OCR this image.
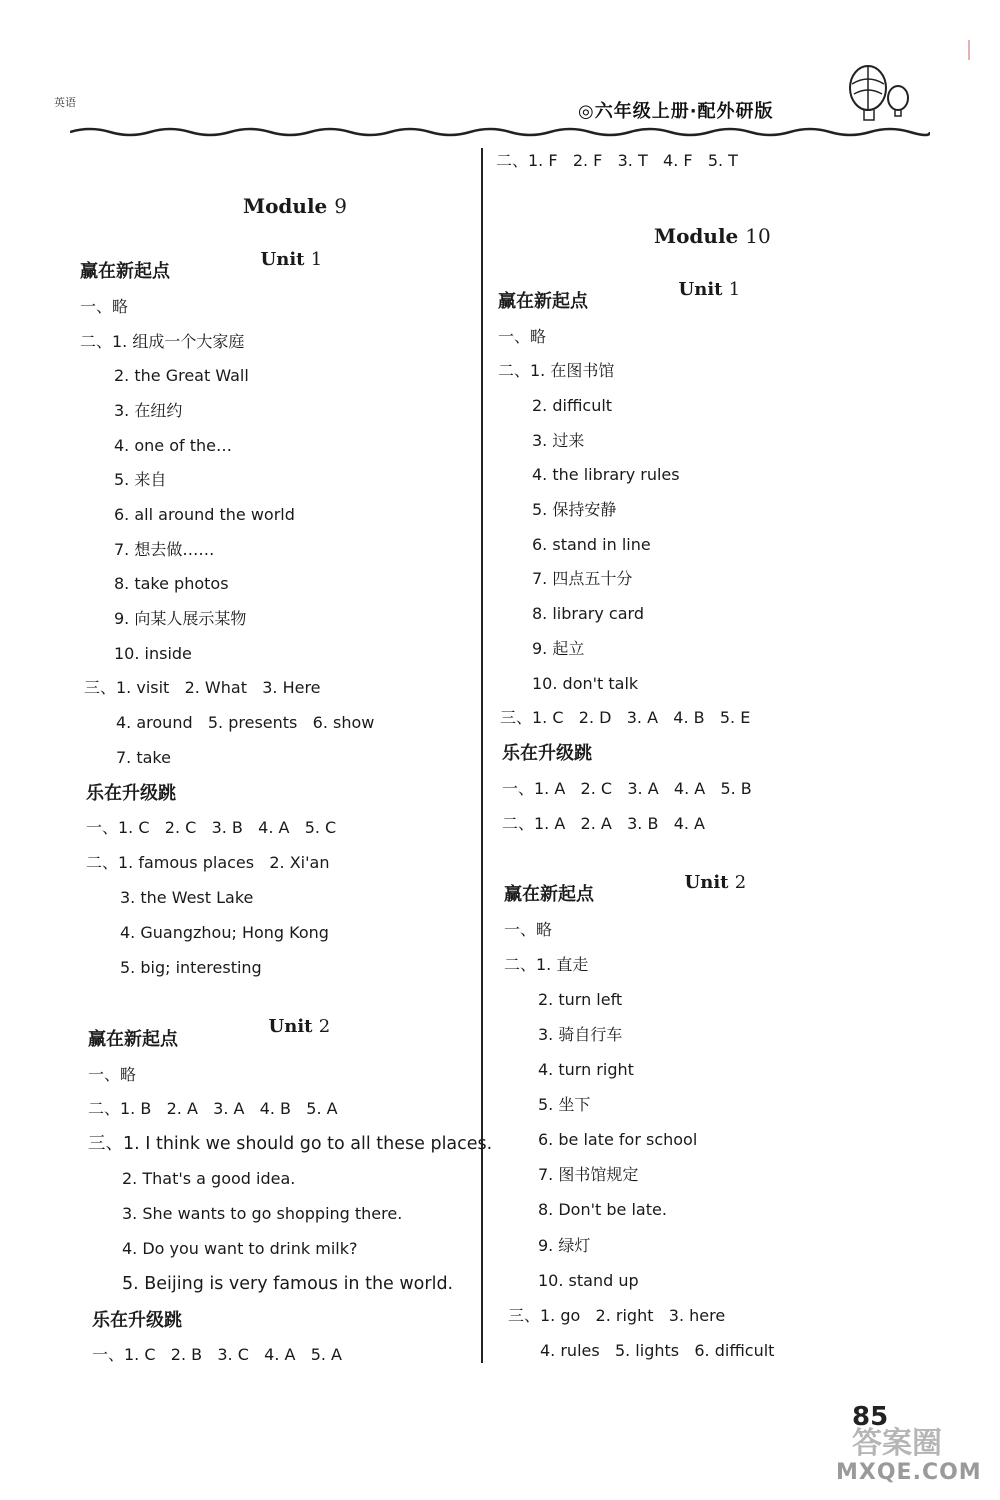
英语	◎六年级上册·配外研版

Module 9

Unit 1

赢在新起点
一、略
二、1. 组成一个大家庭
2. the Great Wall
3. 在纽约
4. one of the…
5. 来自
6. all around the world
7. 想去做……
8. take photos
9. 向某人展示某物
10. inside
三、1. visit   2. What   3. Here
4. around   5. presents   6. show
7. take
乐在升级跳
一、1. C   2. C   3. B   4. A   5. C
二、1. famous places   2. Xi'an
3. the West Lake
4. Guangzhou; Hong Kong
5. big; interesting

Unit 2

赢在新起点
一、略
二、1. B   2. A   3. A   4. B   5. A
三、1. I think we should go to all these places.
2. That's a good idea.
3. She wants to go shopping there.
4. Do you want to drink milk?
5. Beijing is very famous in the world.
乐在升级跳
一、1. C   2. B   3. C   4. A   5. A
二、1. F   2. F   3. T   4. F   5. T

Module 10

Unit 1

赢在新起点
一、略
二、1. 在图书馆
2. difficult
3. 过来
4. the library rules
5. 保持安静
6. stand in line
7. 四点五十分
8. library card
9. 起立
10. don't talk
三、1. C   2. D   3. A   4. B   5. E
乐在升级跳
一、1. A   2. C   3. A   4. A   5. B
二、1. A   2. A   3. B   4. A

Unit 2

赢在新起点
一、略
二、1. 直走
2. turn left
3. 骑自行车
4. turn right
5. 坐下
6. be late for school
7. 图书馆规定
8. Don't be late.
9. 绿灯
10. stand up
三、1. go   2. right   3. here
4. rules   5. lights   6. difficult
85
答案圈
MXQE.COM
